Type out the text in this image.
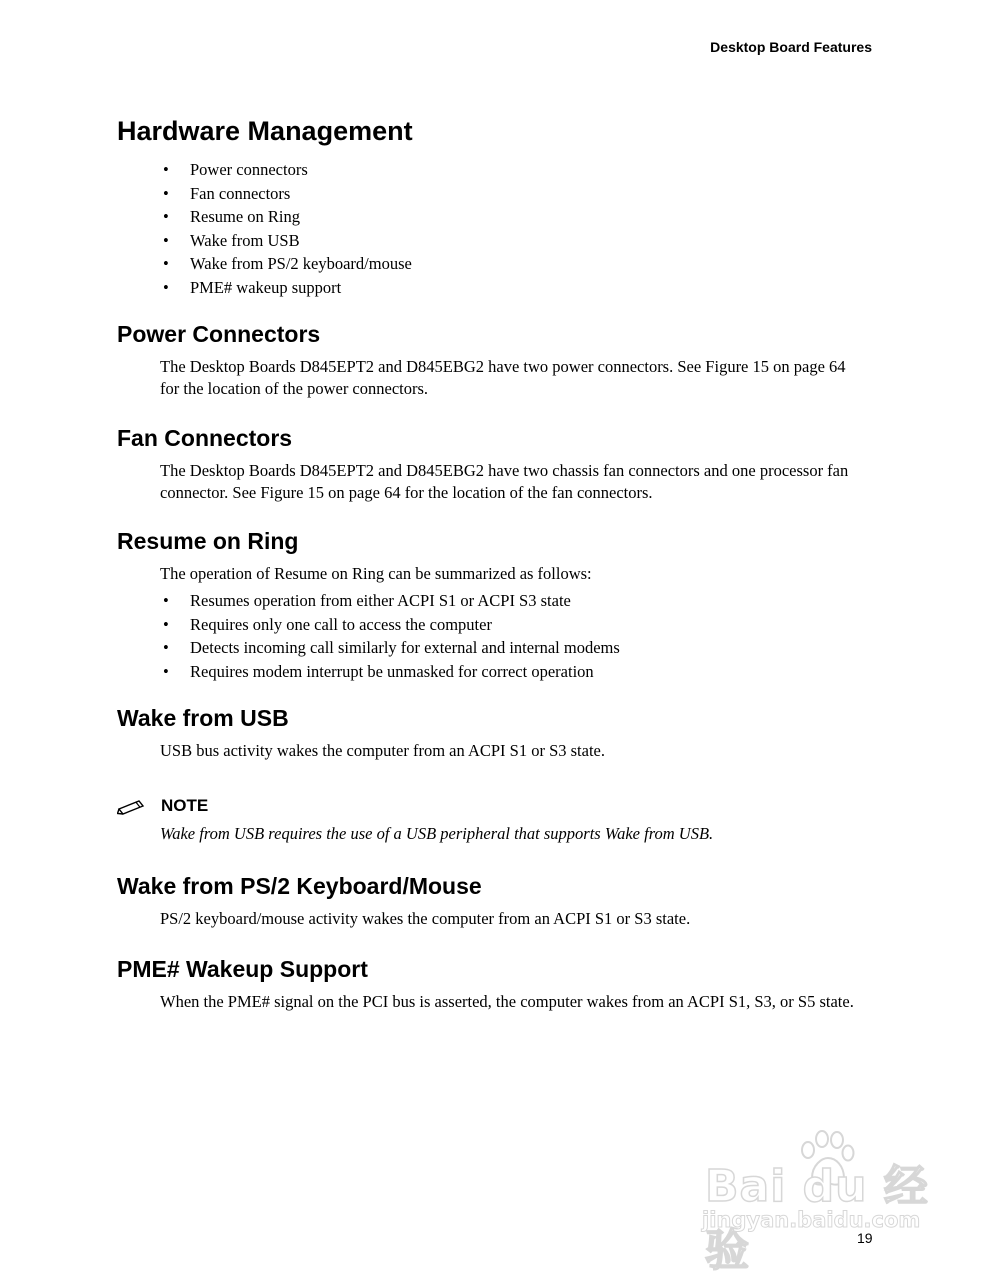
Desktop Board Features
Hardware Management
• Power connectors
• Fan connectors
• Resume on Ring
• Wake from USB
• Wake from PS/2 keyboard/mouse
• PME# wakeup support
Power Connectors

The Desktop Boards D845EPT2 and D845EBG2 have two power connectors. See Figure 15 on page 64 for the location of the power connectors.

Fan Connectors

The Desktop Boards D845EPT2 and D845EBG2 have two chassis fan connectors and one processor fan connector. See Figure 15 on page 64 for the location of the fan connectors.

Resume on Ring

The operation of Resume on Ring can be summarized as follows:

• Resumes operation from either ACPI S1 or ACPI S3 state
• Requires only one call to access the computer
• Detects incoming call similarly for external and internal modems
• Requires modem interrupt be unmasked for correct operation
Wake from USB

USB bus activity wakes the computer from an ACPI S1 or S3 state.

NOTE

Wake from USB requires the use of a USB peripheral that supports Wake from USB.

Wake from PS/2 Keyboard/Mouse

PS/2 keyboard/mouse activity wakes the computer from an ACPI S1 or S3 state.

PME# Wakeup Support

When the PME# signal on the PCI bus is asserted, the computer wakes from an ACPI S1, S3, or S5 state.

Bai du 经验
jingyan.baidu.com
19
